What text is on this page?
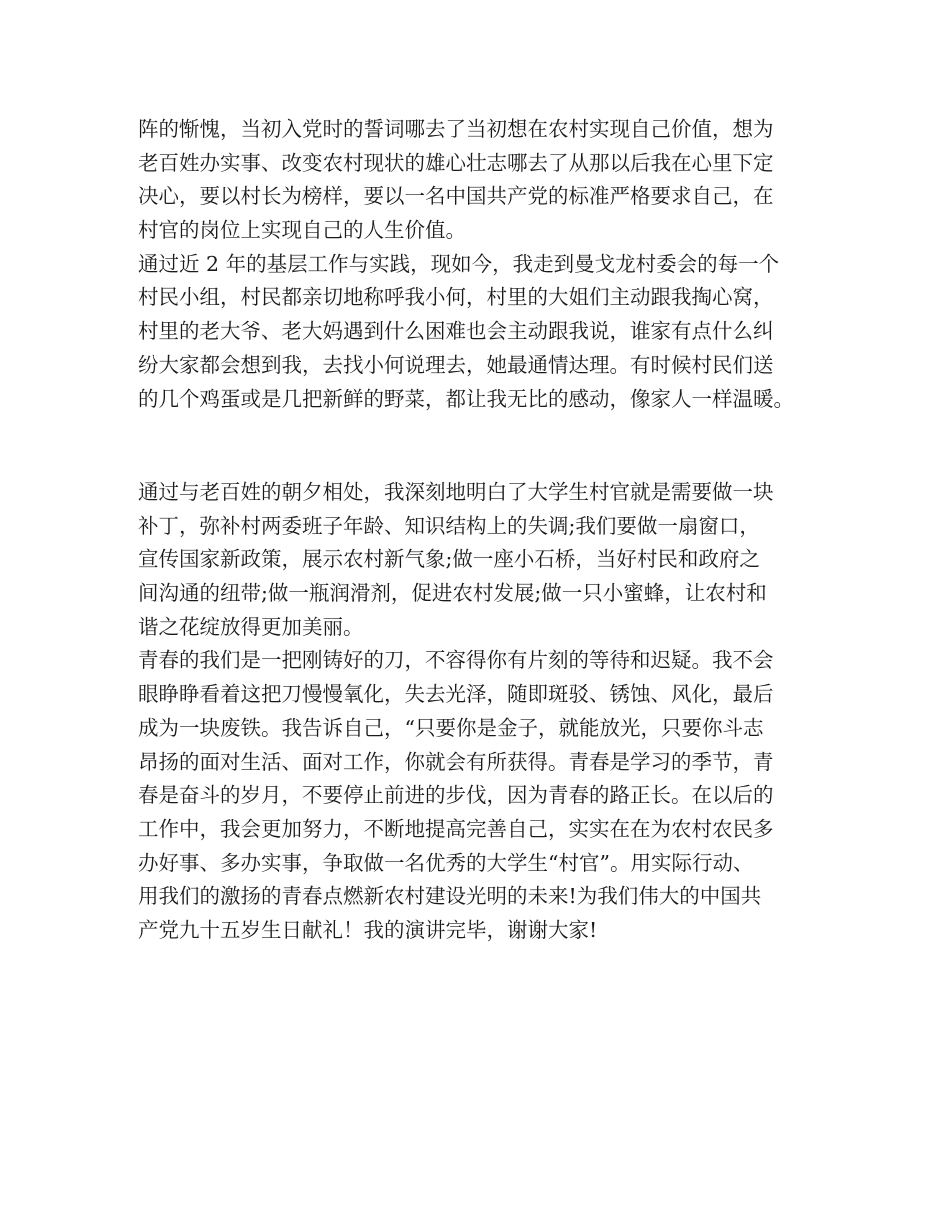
阵的惭愧，当初入党时的誓词哪去了当初想在农村实现自己价值，想为
老百姓办实事、改变农村现状的雄心壮志哪去了从那以后我在心里下定
决心，要以村长为榜样，要以一名中国共产党的标准严格要求自己，在
村官的岗位上实现自己的人生价值。
通过近 2 年的基层工作与实践，现如今，我走到曼戈龙村委会的每一个
村民小组，村民都亲切地称呼我小何，村里的大姐们主动跟我掏心窝，
村里的老大爷、老大妈遇到什么困难也会主动跟我说，谁家有点什么纠
纷大家都会想到我，去找小何说理去，她最通情达理。有时候村民们送
的几个鸡蛋或是几把新鲜的野菜，都让我无比的感动，像家人一样温暖。
通过与老百姓的朝夕相处，我深刻地明白了大学生村官就是需要做一块
补丁，弥补村两委班子年龄、知识结构上的失调;我们要做一扇窗口，
宣传国家新政策，展示农村新气象;做一座小石桥，当好村民和政府之
间沟通的纽带;做一瓶润滑剂，促进农村发展;做一只小蜜蜂，让农村和
谐之花绽放得更加美丽。
青春的我们是一把刚铸好的刀，不容得你有片刻的等待和迟疑。我不会
眼睁睁看着这把刀慢慢氧化，失去光泽，随即斑驳、锈蚀、风化，最后
成为一块废铁。我告诉自己，“只要你是金子，就能放光，只要你斗志
昂扬的面对生活、面对工作，你就会有所获得。青春是学习的季节，青
春是奋斗的岁月，不要停止前进的步伐，因为青春的路正长。在以后的
工作中，我会更加努力，不断地提高完善自己，实实在在为农村农民多
办好事、多办实事，争取做一名优秀的大学生“村官”。用实际行动、
用我们的激扬的青春点燃新农村建设光明的未来!为我们伟大的中国共
产党九十五岁生日献礼！我的演讲完毕，谢谢大家!
